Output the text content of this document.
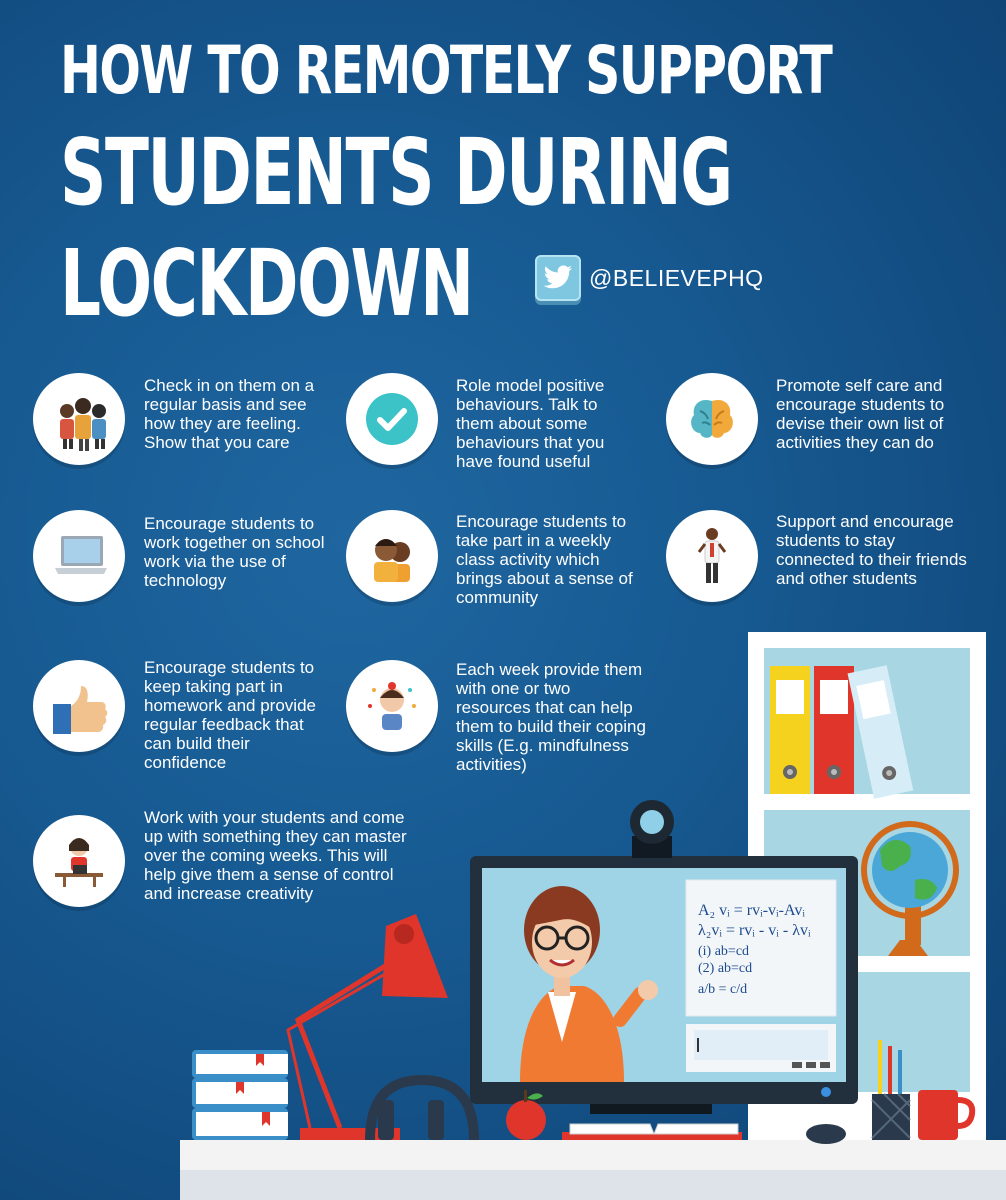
HOW TO REMOTELY SUPPORT
STUDENTS DURING
LOCKDOWN	@BELIEVEPHQ

Check in on them on a regular basis and see how they are feeling. Show that you care

Role model positive behaviours. Talk to them about some behaviours that you have found useful

Promote self care and encourage students to devise their own list of activities they can do

Encourage students to work together on school work via the use of technology

Encourage students to take part in a weekly class activity which brings about a sense of community

Support and encourage students to stay connected to their friends and other students

Encourage students to keep taking part in homework and provide regular feedback that can build their confidence

Each week provide them with one or two resources that can help them to build their coping skills (E.g. mindfulness activities)

Work with your students and come up with something they can master over the coming weeks. This will help give them a sense of control and increase creativity

A₂ vᵢ = rvᵢ-vᵢ-Avᵢ
λ₂vᵢ = rvᵢ - vᵢ - λvᵢ
(i) ab=cd
(2) ab=cd
a/b = c/d
